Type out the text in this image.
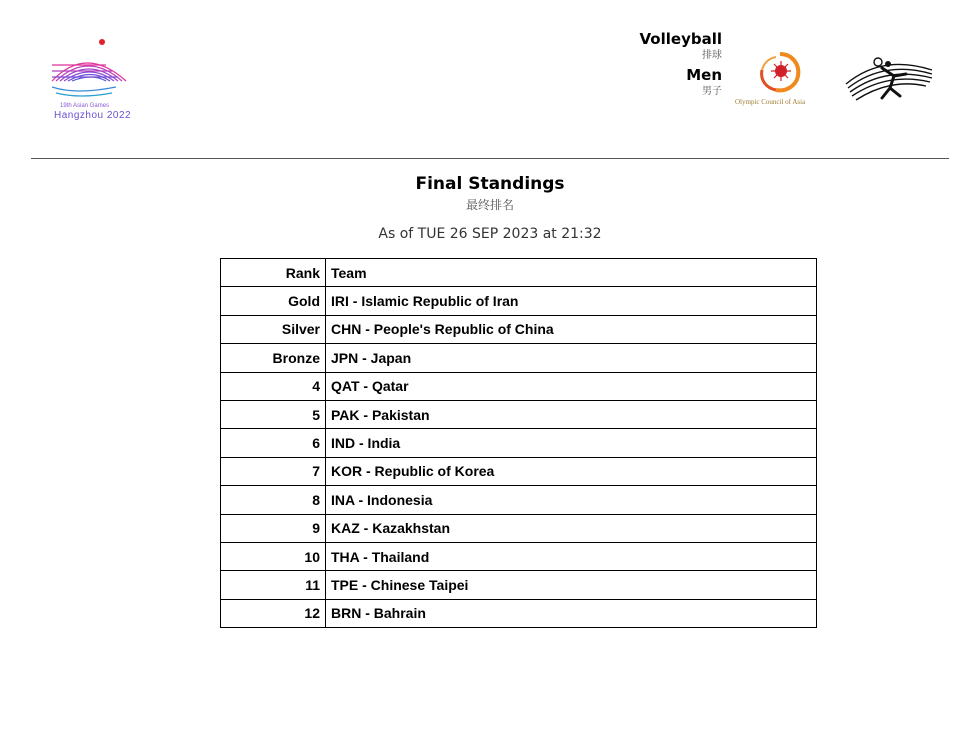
19th Asian Games
Hangzhou 2022
Volleyball
排球
Men
男子
Olympic Council of Asia
Final Standings
最终排名
As of TUE 26 SEP 2023 at 21:32
Rank	Team
Gold	IRI - Islamic Republic of Iran
Silver	CHN - People's Republic of China
Bronze	JPN - Japan
4	QAT - Qatar
5	PAK - Pakistan
6	IND - India
7	KOR - Republic of Korea
8	INA - Indonesia
9	KAZ - Kazakhstan
10	THA - Thailand
11	TPE - Chinese Taipei
12	BRN - Bahrain
